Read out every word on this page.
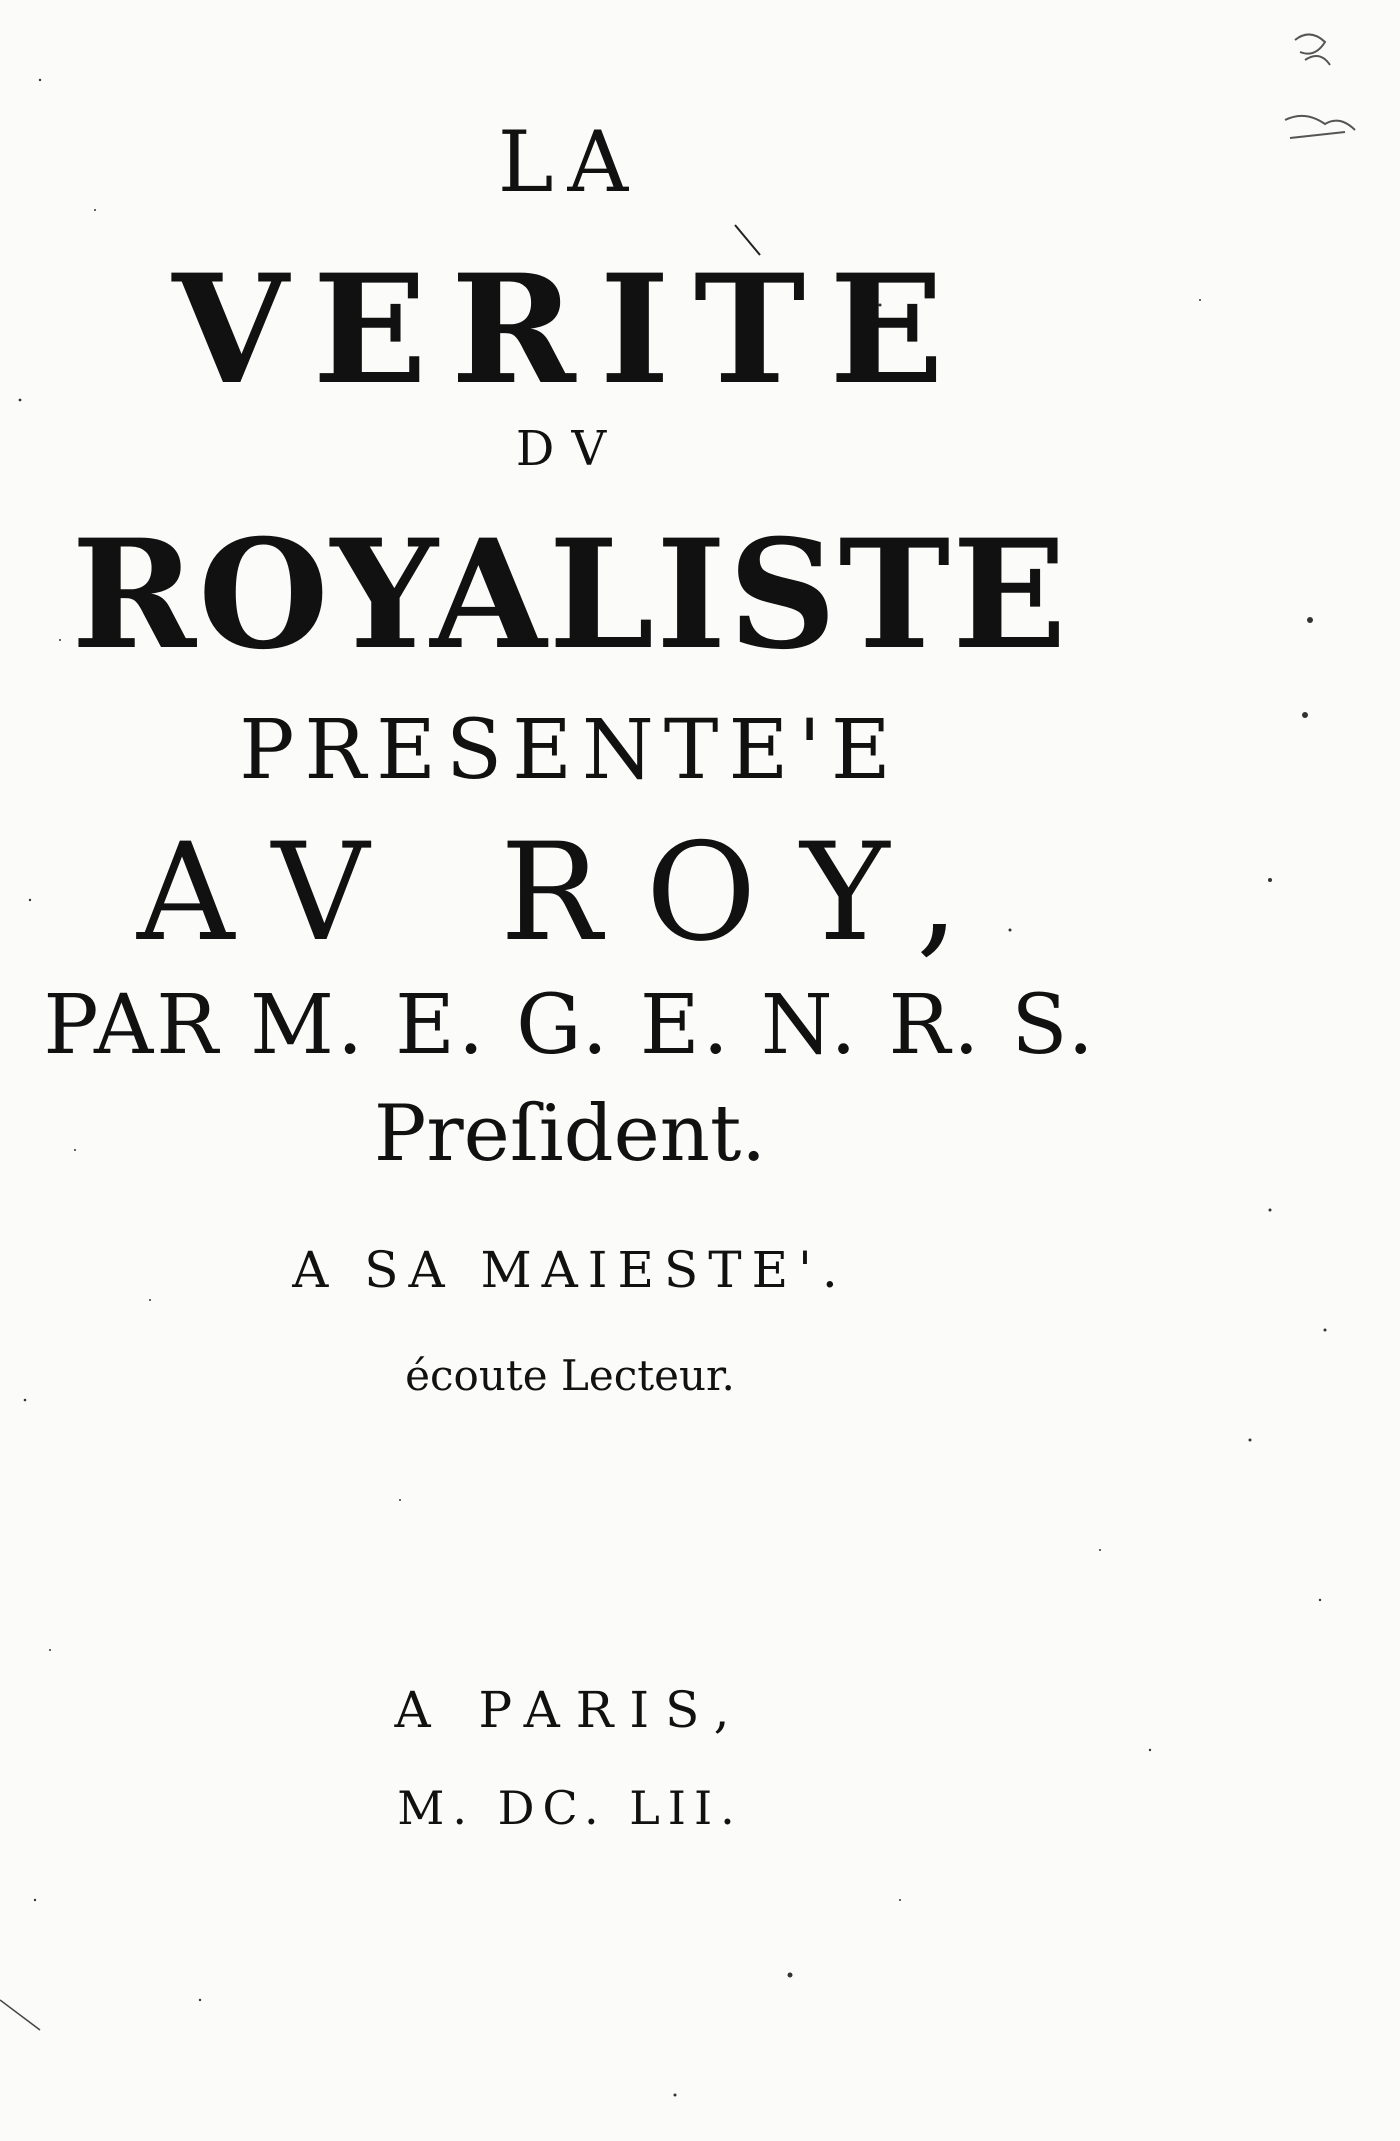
LA
VERITE
DV
ROYALISTE
PRESENTE'E
AV ROY,
PAR M. E. G. E. N. R. S.
Preſident.
A SA MAIESTE'.
écoute Lecteur.
A PARIS,
M. DC. LII.
